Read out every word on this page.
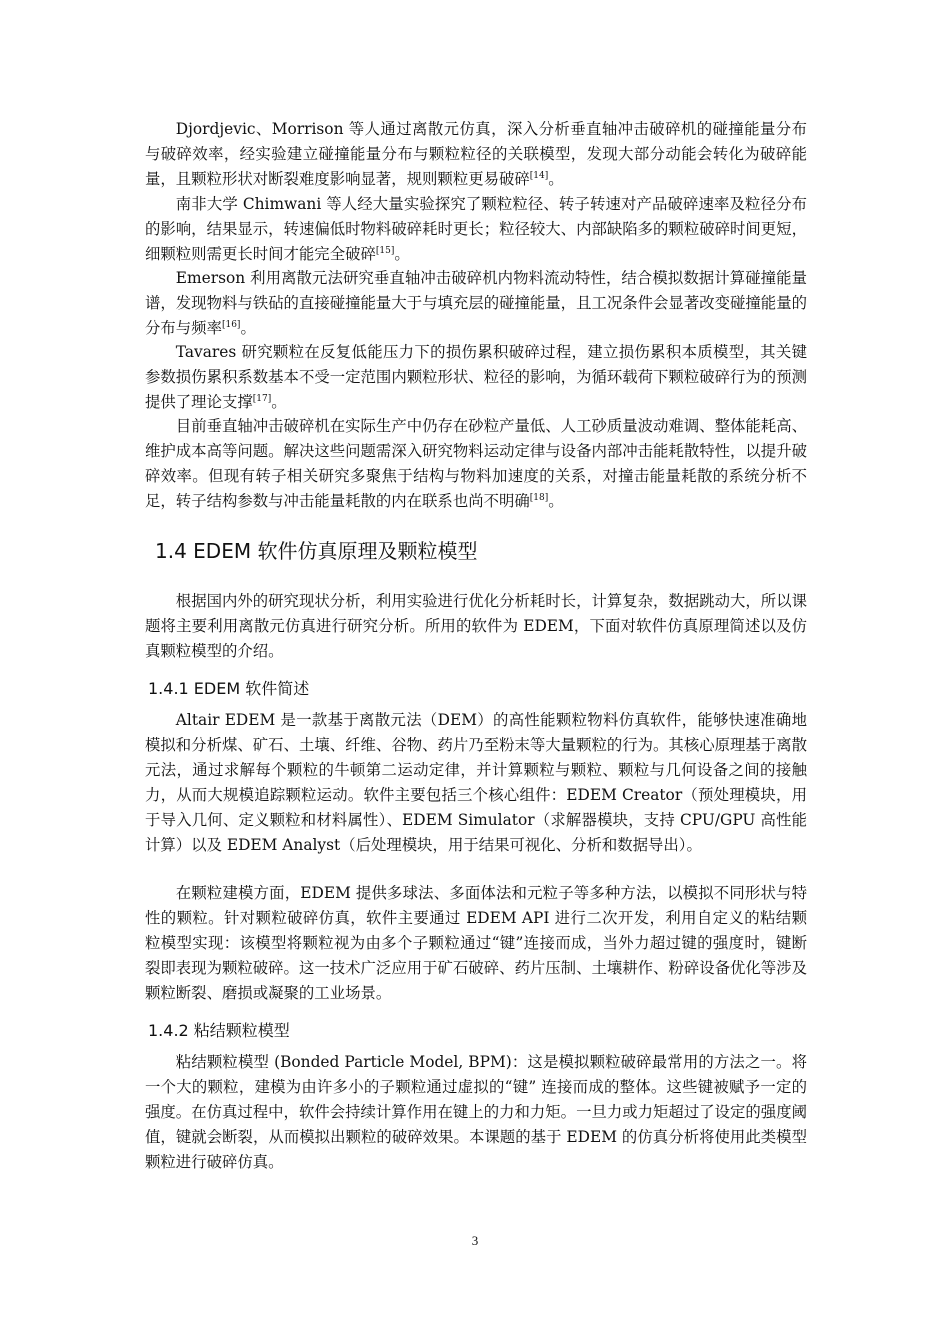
Djordjevic、Morrison 等人通过离散元仿真，深入分析垂直轴冲击破碎机的碰撞能量分布与破碎效率，经实验建立碰撞能量分布与颗粒粒径的关联模型，发现大部分动能会转化为破碎能量，且颗粒形状对断裂难度影响显著，规则颗粒更易破碎[14]。

南非大学 Chimwani 等人经大量实验探究了颗粒粒径、转子转速对产品破碎速率及粒径分布的影响，结果显示，转速偏低时物料破碎耗时更长；粒径较大、内部缺陷多的颗粒破碎时间更短，细颗粒则需更长时间才能完全破碎[15]。

Emerson 利用离散元法研究垂直轴冲击破碎机内物料流动特性，结合模拟数据计算碰撞能量谱，发现物料与铁砧的直接碰撞能量大于与填充层的碰撞能量，且工况条件会显著改变碰撞能量的分布与频率[16]。

Tavares 研究颗粒在反复低能压力下的损伤累积破碎过程，建立损伤累积本质模型，其关键参数损伤累积系数基本不受一定范围内颗粒形状、粒径的影响，为循环载荷下颗粒破碎行为的预测提供了理论支撑[17]。

目前垂直轴冲击破碎机在实际生产中仍存在砂粒产量低、人工砂质量波动难调、整体能耗高、维护成本高等问题。解决这些问题需深入研究物料运动定律与设备内部冲击能耗散特性，以提升破碎效率。但现有转子相关研究多聚焦于结构与物料加速度的关系，对撞击能量耗散的系统分析不足，转子结构参数与冲击能量耗散的内在联系也尚不明确[18]。

1.4 EDEM 软件仿真原理及颗粒模型

根据国内外的研究现状分析，利用实验进行优化分析耗时长，计算复杂，数据跳动大，所以课题将主要利用离散元仿真进行研究分析。所用的软件为 EDEM，下面对软件仿真原理简述以及仿真颗粒模型的介绍。

1.4.1 EDEM 软件简述

Altair EDEM 是一款基于离散元法（DEM）的高性能颗粒物料仿真软件，能够快速准确地模拟和分析煤、矿石、土壤、纤维、谷物、药片乃至粉末等大量颗粒的行为。其核心原理基于离散元法，通过求解每个颗粒的牛顿第二运动定律，并计算颗粒与颗粒、颗粒与几何设备之间的接触力，从而大规模追踪颗粒运动。软件主要包括三个核心组件：EDEM Creator（预处理模块，用于导入几何、定义颗粒和材料属性）、EDEM Simulator（求解器模块，支持 CPU/GPU 高性能计算）以及 EDEM Analyst（后处理模块，用于结果可视化、分析和数据导出）。

在颗粒建模方面，EDEM 提供多球法、多面体法和元粒子等多种方法，以模拟不同形状与特性的颗粒。针对颗粒破碎仿真，软件主要通过 EDEM API 进行二次开发，利用自定义的粘结颗粒模型实现：该模型将颗粒视为由多个子颗粒通过“键”连接而成，当外力超过键的强度时，键断裂即表现为颗粒破碎。这一技术广泛应用于矿石破碎、药片压制、土壤耕作、粉碎设备优化等涉及颗粒断裂、磨损或凝聚的工业场景。

1.4.2 粘结颗粒模型

粘结颗粒模型 (Bonded Particle Model, BPM)：这是模拟颗粒破碎最常用的方法之一。将一个大的颗粒，建模为由许多小的子颗粒通过虚拟的“键” 连接而成的整体。这些键被赋予一定的强度。在仿真过程中，软件会持续计算作用在键上的力和力矩。一旦力或力矩超过了设定的强度阈值，键就会断裂，从而模拟出颗粒的破碎效果。本课题的基于 EDEM 的仿真分析将使用此类模型颗粒进行破碎仿真。

3
